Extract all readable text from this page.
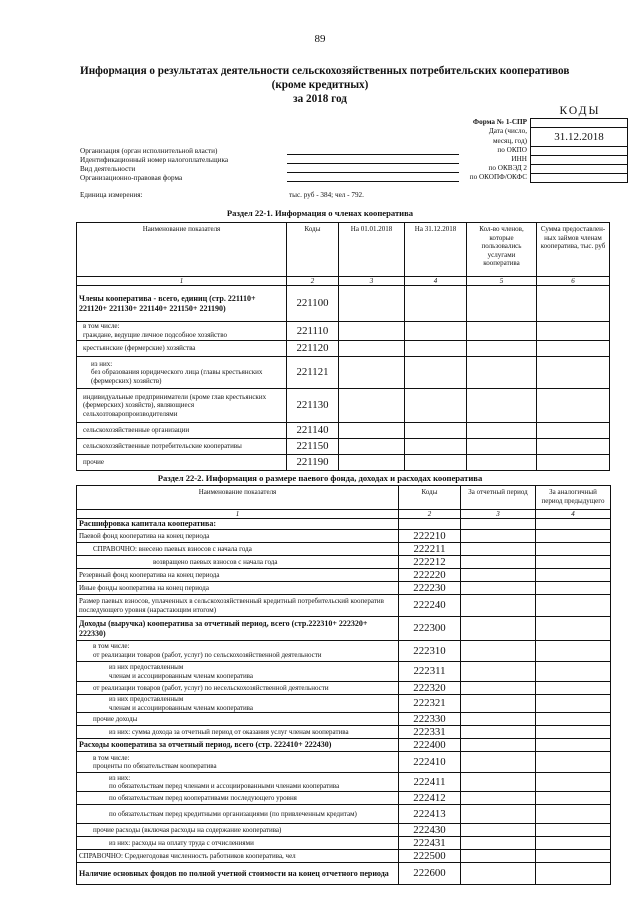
89
Информация о результатах деятельности сельскохозяйственных потребительских кооперативов
(кроме кредитных)
за 2018 год
КОДЫ
Форма № 1-СПР
Дата (число,
месяц, год)	31.12.2018
по ОКПО
ИНН
по ОКВЭД 2
по ОКОПФ/ОКФС
Организация (орган исполнительной власти)
Идентификационный номер налогоплательщика
Вид деятельности
Организационно-правовая форма
Единица измерения:	тыс. руб - 384; чел - 792.
Раздел 22-1. Информация о членах кооператива
Наименование показателя	Коды	На 01.01.2018	На 31.12.2018	Кол-во членов, которые пользовались услугами кооператива	Сумма предоставлен-ных займов членам кооператива, тыс. руб
1	2	3	4	5	6

Члены кооператива - всего, единиц (стр. 221110+ 221120+ 221130+ 221140+ 221150+ 221190)	221100				

в том числе:
граждане, ведущие личное подсобное хозяйство	221110				

крестьянские (фермерские) хозяйства	221120				

из них:
без образования юридического лица (главы крестьянских (фермерских) хозяйств)	221121				

индивидуальные предприниматели (кроме глав крестьянских (фермерских) хозяйств), являющиеся сельхозтоваропроизводителями	221130				

сельскохозяйственные организации	221140				

сельскохозяйственные потребительские кооперативы	221150				

прочие	221190				
Раздел 22-2. Информация о размере паевого фонда, доходах и расходах кооператива
Наименование показателя	Коды	За отчетный период	За аналогичный период предыдущего
1	2	3	4

Расшифровка капитала кооператива:			

Паевой фонд кооператива на конец периода	222210		

СПРАВОЧНО: внесено паевых взносов с начала года	222211		

возвращено паевых взносов с начала года	222212		

Резервный фонд кооператива на конец периода	222220		

Иные фонды кооператива на конец периода	222230		

Размер паевых взносов, уплаченных в сельскохозяйственный кредитный потребительский кооператив последующего уровня (нарастающим итогом)	222240		

Доходы (выручка) кооператива за отчетный период, всего (стр.222310+ 222320+ 222330)	222300		

в том числе:
от реализации товаров (работ, услуг) по сельскохозяйственной деятельности	222310		

из них предоставленным
членам и ассоциированным членам кооператива	222311		

от реализации товаров (работ, услуг) по несельскохозяйственной деятельности	222320		

из них предоставленным
членам и ассоциированным членам кооператива	222321		

прочие доходы	222330		

из них: сумма дохода за отчетный период от оказания услуг членам кооператива	222331		

Расходы кооператива за отчетный период, всего (стр. 222410+ 222430)	222400		

в том числе:
проценты по обязательствам кооператива	222410		

из них:
по обязательствам перед членами и ассоциированными членами кооператива	222411		

по обязательствам перед кооперативами последующего уровня	222412		

по обязательствам перед кредитными организациями (по привлеченным кредитам)	222413		

прочие расходы (включая расходы на содержание кооператива)	222430		

из них: расходы на оплату труда с отчислениями	222431		

СПРАВОЧНО: Среднегодовая численность работников кооператива, чел	222500		

Наличие основных фондов по полной учетной стоимости на конец отчетного периода	222600		
